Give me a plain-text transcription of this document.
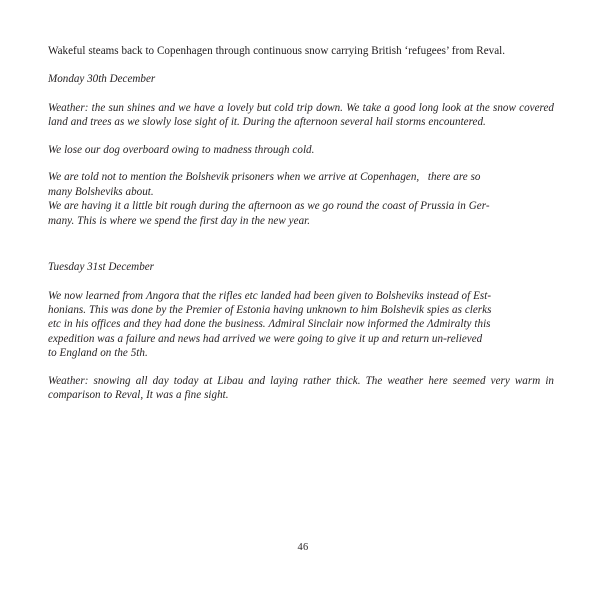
Wakeful steams back to Copenhagen through continuous snow carrying British ‘refugees’ from Reval.

Monday 30th December

Weather: the sun shines and we have a lovely but cold trip down. We take a good long look at the snow covered land and trees as we slowly lose sight of it. During the afternoon several hail storms encountered.

We lose our dog overboard owing to madness through cold.

We are told not to mention the Bolshevik prisoners when we arrive at Copenhagen,   there are so
many Bolsheviks about.
We are having it a little bit rough during the afternoon as we go round the coast of Prussia in Ger-
many. This is where we spend the first day in the new year.

Tuesday 31st December

We now learned from Λngora that the rifles etc landed had been given to Bolsheviks instead of Est-
honians. This was done by the Premier of Estonia having unknown to him Bolshevik spies as clerks
etc in his offices and they had done the business. Λdmiral Sinclair now informed the Λdmiralty this
expedition was a failure and news had arrived we were going to give it up and return un-relieved
to England on the 5th.

Weather: snowing all day today at Libau and laying rather thick. The weather here seemed very warm in comparison to Reval, It was a fine sight.

46
